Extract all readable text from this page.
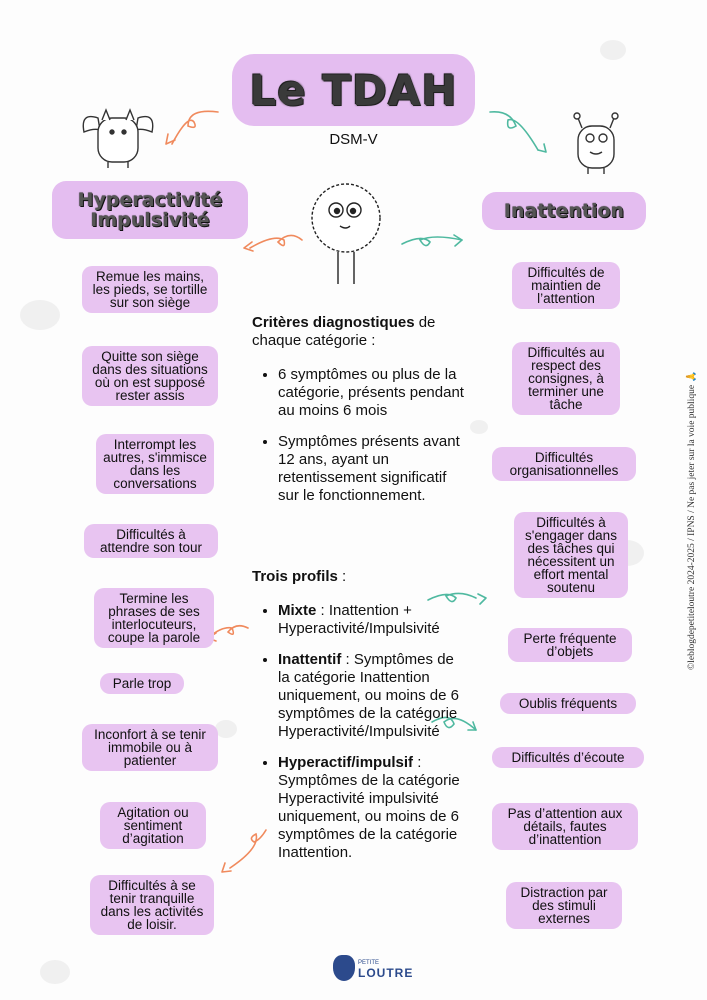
Le TDAH
DSM-V
Hyperactivité
Impulsivité	Inattention
Remue les mains,
les pieds, se tortille
sur son siège
Quitte son siège
dans des situations
où on est supposé
rester assis
Interrompt les
autres, s'immisce
dans les
conversations
Difficultés à
attendre son tour
Termine les
phrases de ses
interlocuteurs,
coupe la parole
Parle trop
Inconfort à se tenir
immobile ou à
patienter
Agitation ou
sentiment
d’agitation
Difficultés à se
tenir tranquille
dans les activités
de loisir.
Difficultés de
maintien de
l’attention
Difficultés au
respect des
consignes, à
terminer une
tâche
Difficultés
organisationnelles
Difficultés à
s'engager dans
des tâches qui
nécessitent un
effort mental
soutenu
Perte fréquente
d’objets
Oublis fréquents
Difficultés d’écoute
Pas d’attention aux
détails, fautes
d’inattention
Distraction par
des stimuli
externes
Critères diagnostiques de chaque catégorie :
• 6 symptômes ou plus de la catégorie, présents pendant au moins 6 mois
• Symptômes présents avant 12 ans, ayant un retentissement significatif sur le fonctionnement.
Trois profils :
• Mixte : Inattention + Hyperactivité/Impulsivité
• Inattentif : Symptômes de la catégorie Inattention uniquement, ou moins de 6 symptômes de la catégorie Hyperactivité/Impulsivité
• Hyperactif/impulsif : Symptômes de la catégorie Hyperactivité impulsivité uniquement, ou moins de 6 symptômes de la catégorie Inattention.
©leblogdepetiteloutre 2024-2025 / IPNS / Ne pas jeter sur la voie publique 🙏
PETITE
LOUTRE
